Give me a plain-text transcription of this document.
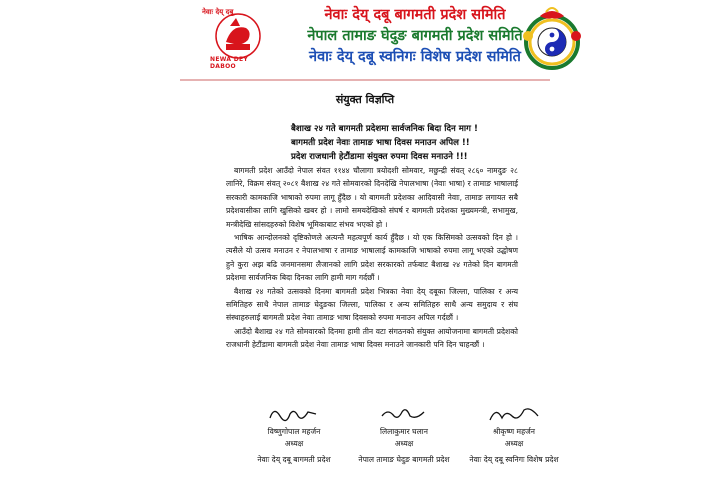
नेवाः देय् दबू
NEWA DEY DABOO
नेवाः देय् दबू बागमती प्रदेश समिति
नेपाल तामाङ घेदुङ बागमती प्रदेश समिति
नेवाः देय् दबू स्वनिगः विशेष प्रदेश समिति
संयुक्त विज्ञप्ति
बैशाख २४ गते बागमती प्रदेशमा सार्वजनिक बिदा दिन माग !
बागमती प्रदेश नेवाः तामाङ भाषा दिवस मनाउन अपिल !!
प्रदेश राजधानी हेटौंडामा संयुक्त रुपमा दिवस मनाउने !!!

बागमती प्रदेश आउँदो नेपाल संवत ११४४ चौलागा त्रयोदशी सोमवार, मछुन्द्री संवत् २८६० नामदुङ २८ लानिरे, विक्रम संवत् २०८१ बैशाख २४ गते सोमवारको दिनदेखि नेपालभाषा (नेवाः भाषा) र तामाङ भाषालाई सरकारी कामकाजि भाषाको रुपमा लागू हुँदैछ । यो बागमती प्रदेशका आदिवासी नेवाः, तामाङ लगायत सबै प्रदेशवासीका लागि खुसिको खबर हो । लामो समयदेखिको संघर्ष र बागमती प्रदेशका मुख्यमन्त्री, सभामुख, मन्त्रीदेखि सांसदहरुको विशेष भूमिकाबाट संभव भएको हो ।

भाषिक आन्दोलनको दृष्टिकोणले अत्यन्तै महत्वपूर्ण कार्य हुँदैछ । यो एक किसिमको उत्सवको दिन हो । त्यसैले यो उत्सव मनाउन र नेपालभाषा र तामाङ भाषालाई कामकाजि भाषाको रुपमा लागू भएको उद्घोषण हुने कुरा अझ बढि जनमानसमा लैजानको लागि प्रदेश सरकारको तर्फबाट बैशाख २४ गतेको दिन बागमती प्रदेशमा सार्वजनिक बिदा दिनका लागि हामी माग गर्दछौं ।

बैशाख २४ गतेको उत्सवको दिनमा बागमती प्रदेश भित्रका नेवाः देय् दबूका जिल्ला, पालिका र अन्य समितिहरु साथै नेपाल तामाङ घेदुङका जिल्ला, पालिका र अन्य समितिहरु साथै अन्य समुदाय र संघ संस्थाहरुलाई बागमती प्रदेश नेवाः तामाङ भाषा दिवसको रुपमा मनाउन अपिल गर्दछौं ।

आउँदो बैशाख २४ गते सोमवारको दिनमा हामी तीन वटा संगठनको संयुक्त आयोजनामा बागमती प्रदेशको राजधानी हेटौंडामा बागमती प्रदेश नेवाः तामाङ भाषा दिवस मनाउने जानकारी पनि दिन चाहन्छौं ।

विष्णुगोपाल महर्जन
अध्यक्ष
नेवाः देय् दबू बागमती प्रदेश
लिलाकुमार घलान
अध्यक्ष
नेपाल तामाङ घेदुङ बागमती प्रदेश
श्रीकृष्ण महर्जन
अध्यक्ष
नेवाः देय् दबू स्वनिगः विशेष प्रदेश
